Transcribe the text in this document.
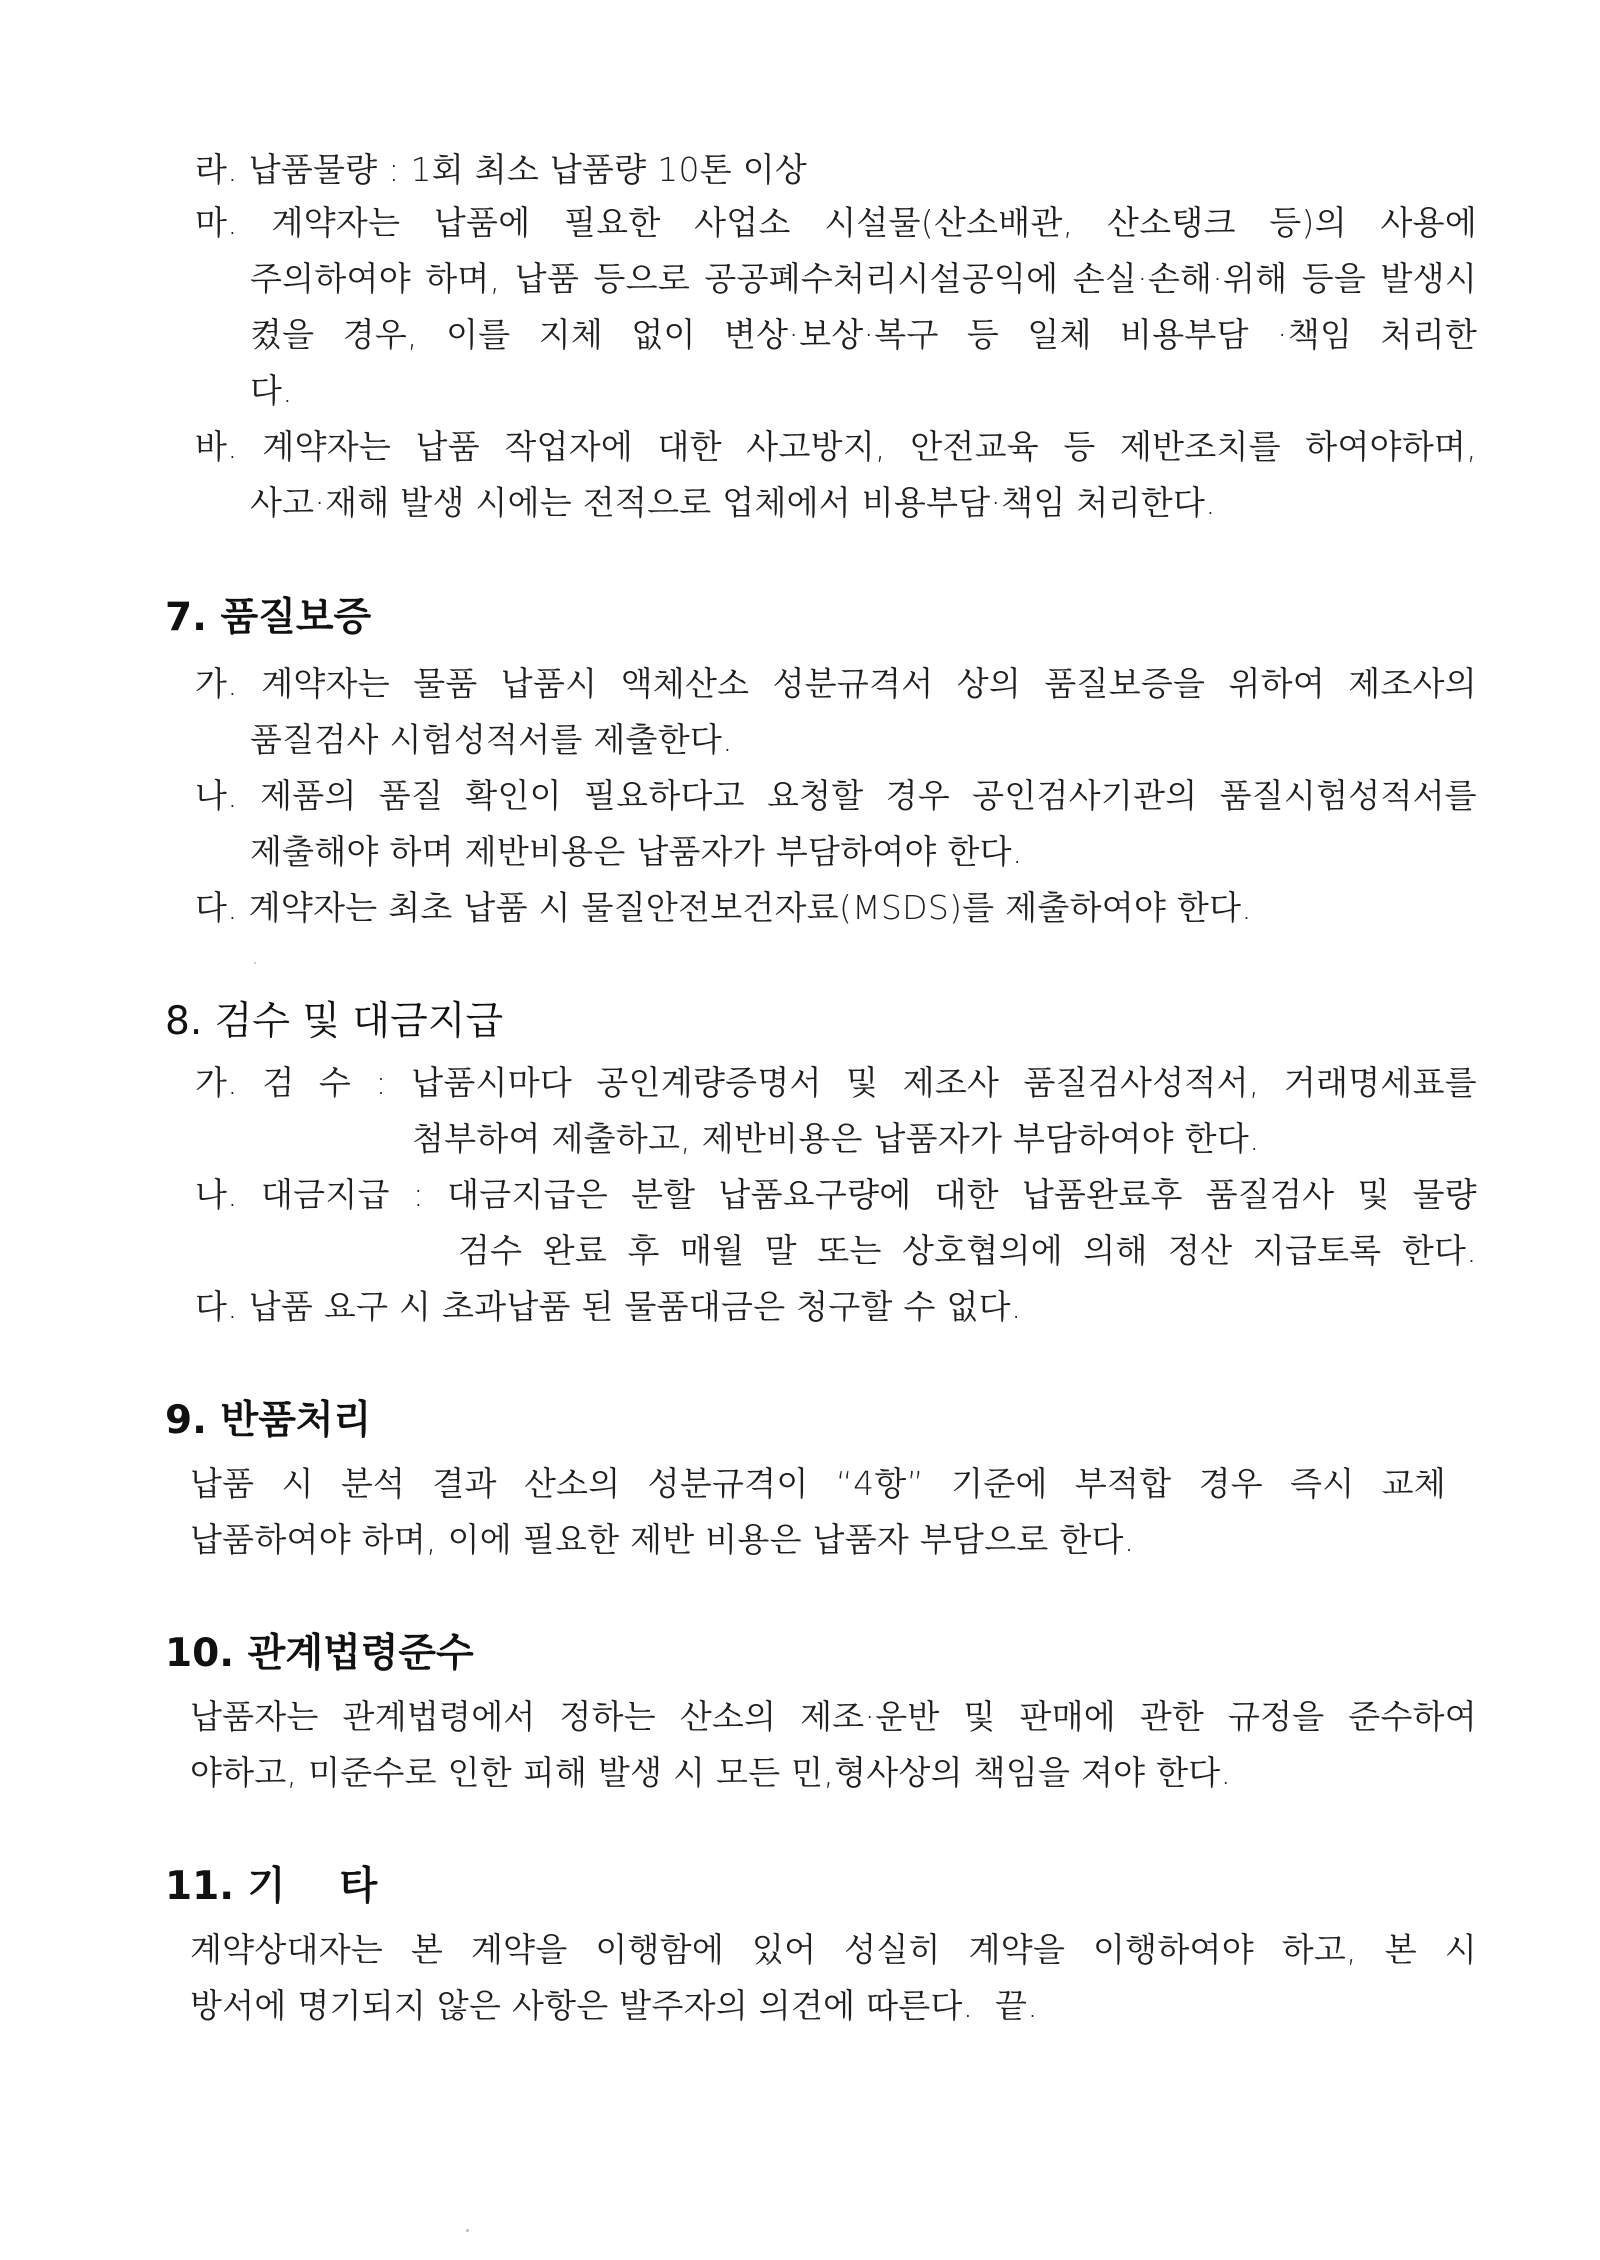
라. 납품물량 : 1회 최소 납품량 10톤 이상

마. 계약자는 납품에 필요한 사업소 시설물(산소배관, 산소탱크 등)의 사용에

주의하여야 하며, 납품 등으로 공공폐수처리시설공익에 손실·손해·위해 등을 발생시

켰을 경우, 이를 지체 없이 변상·보상·복구 등 일체 비용부담 ·책임 처리한

다.

바. 계약자는 납품 작업자에 대한 사고방지, 안전교육 등 제반조치를 하여야하며,

사고·재해 발생 시에는 전적으로 업체에서 비용부담·책임 처리한다.

7. 품질보증

가. 계약자는 물품 납품시 액체산소 성분규격서 상의 품질보증을 위하여 제조사의

품질검사 시험성적서를 제출한다.

나. 제품의 품질 확인이 필요하다고 요청할 경우 공인검사기관의 품질시험성적서를

제출해야 하며 제반비용은 납품자가 부담하여야 한다.

다. 계약자는 최초 납품 시 물질안전보건자료(MSDS)를 제출하여야 한다.

8. 검수 및 대금지급

가. 검 수 : 납품시마다 공인계량증명서 및 제조사 품질검사성적서, 거래명세표를

첨부하여 제출하고, 제반비용은 납품자가 부담하여야 한다.

나. 대금지급 : 대금지급은 분할 납품요구량에 대한 납품완료후 품질검사 및 물량

검수 완료 후 매월 말 또는 상호협의에 의해 정산 지급토록 한다.

다. 납품 요구 시 초과납품 된 물품대금은 청구할 수 없다.

9. 반품처리

납품 시 분석 결과 산소의 성분규격이 “4항” 기준에 부적합 경우 즉시 교체

납품하여야 하며, 이에 필요한 제반 비용은 납품자 부담으로 한다.

10. 관계법령준수

납품자는 관계법령에서 정하는 산소의 제조·운반 및 판매에 관한 규정을 준수하여

야하고, 미준수로 인한 피해 발생 시 모든 민,형사상의 책임을 져야 한다.

11. 기    타

계약상대자는 본 계약을 이행함에 있어 성실히 계약을 이행하여야 하고, 본 시

방서에 명기되지 않은 사항은 발주자의 의견에 따른다.  끝.
